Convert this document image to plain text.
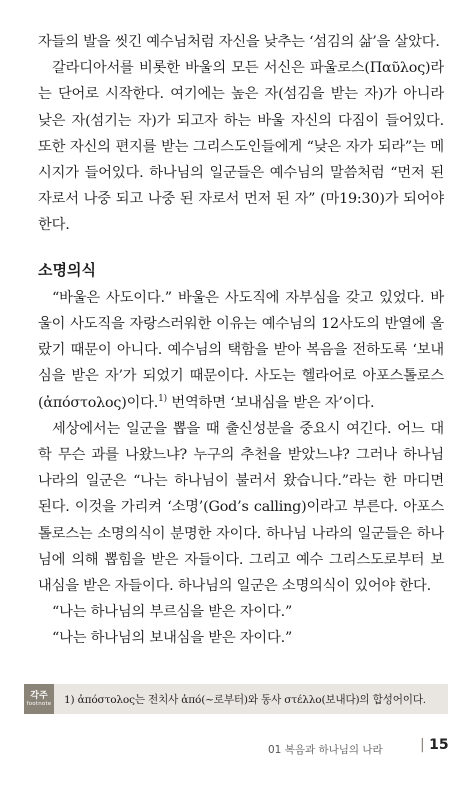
자들의 발을 씻긴 예수님처럼 자신을 낮추는 ‘섬김의 삶’을 살았다.

갈라디아서를 비롯한 바울의 모든 서신은 파울로스(Παῦλος)라는 단어로 시작한다. 여기에는 높은 자(섬김을 받는 자)가 아니라 낮은 자(섬기는 자)가 되고자 하는 바울 자신의 다짐이 들어있다. 또한 자신의 편지를 받는 그리스도인들에게 “낮은 자가 되라”는 메시지가 들어있다. 하나님의 일군들은 예수님의 말씀처럼 “먼저 된 자로서 나중 되고 나중 된 자로서 먼저 된 자” (마19:30)가 되어야 한다.

소명의식

“바울은 사도이다.” 바울은 사도직에 자부심을 갖고 있었다. 바울이 사도직을 자랑스러워한 이유는 예수님의 12사도의 반열에 올랐기 때문이 아니다. 예수님의 택함을 받아 복음을 전하도록 ‘보내심을 받은 자’가 되었기 때문이다. 사도는 헬라어로 아포스톨로스(ἀπόστολος)이다.$^{1)}$ 번역하면 ‘보내심을 받은 자’이다.

세상에서는 일군을 뽑을 때 출신성분을 중요시 여긴다. 어느 대학 무슨 과를 나왔느냐? 누구의 추천을 받았느냐? 그러나 하나님 나라의 일군은 “나는 하나님이 불러서 왔습니다.”라는 한 마디면 된다. 이것을 가리켜 ‘소명’(God’s calling)이라고 부른다. 아포스톨로스는 소명의식이 분명한 자이다. 하나님 나라의 일군들은 하나님에 의해 뽑힘을 받은 자들이다. 그리고 예수 그리스도로부터 보내심을 받은 자들이다. 하나님의 일군은 소명의식이 있어야 한다.

“나는 하나님의 부르심을 받은 자이다.”

“나는 하나님의 보내심을 받은 자이다.”

각주
footnote 1) ἀπόστολος는 전치사 ἀπό(~로부터)와 동사 στέλλο(보내다)의 합성어이다.
01 복음과 하나님의 나라	| 15
